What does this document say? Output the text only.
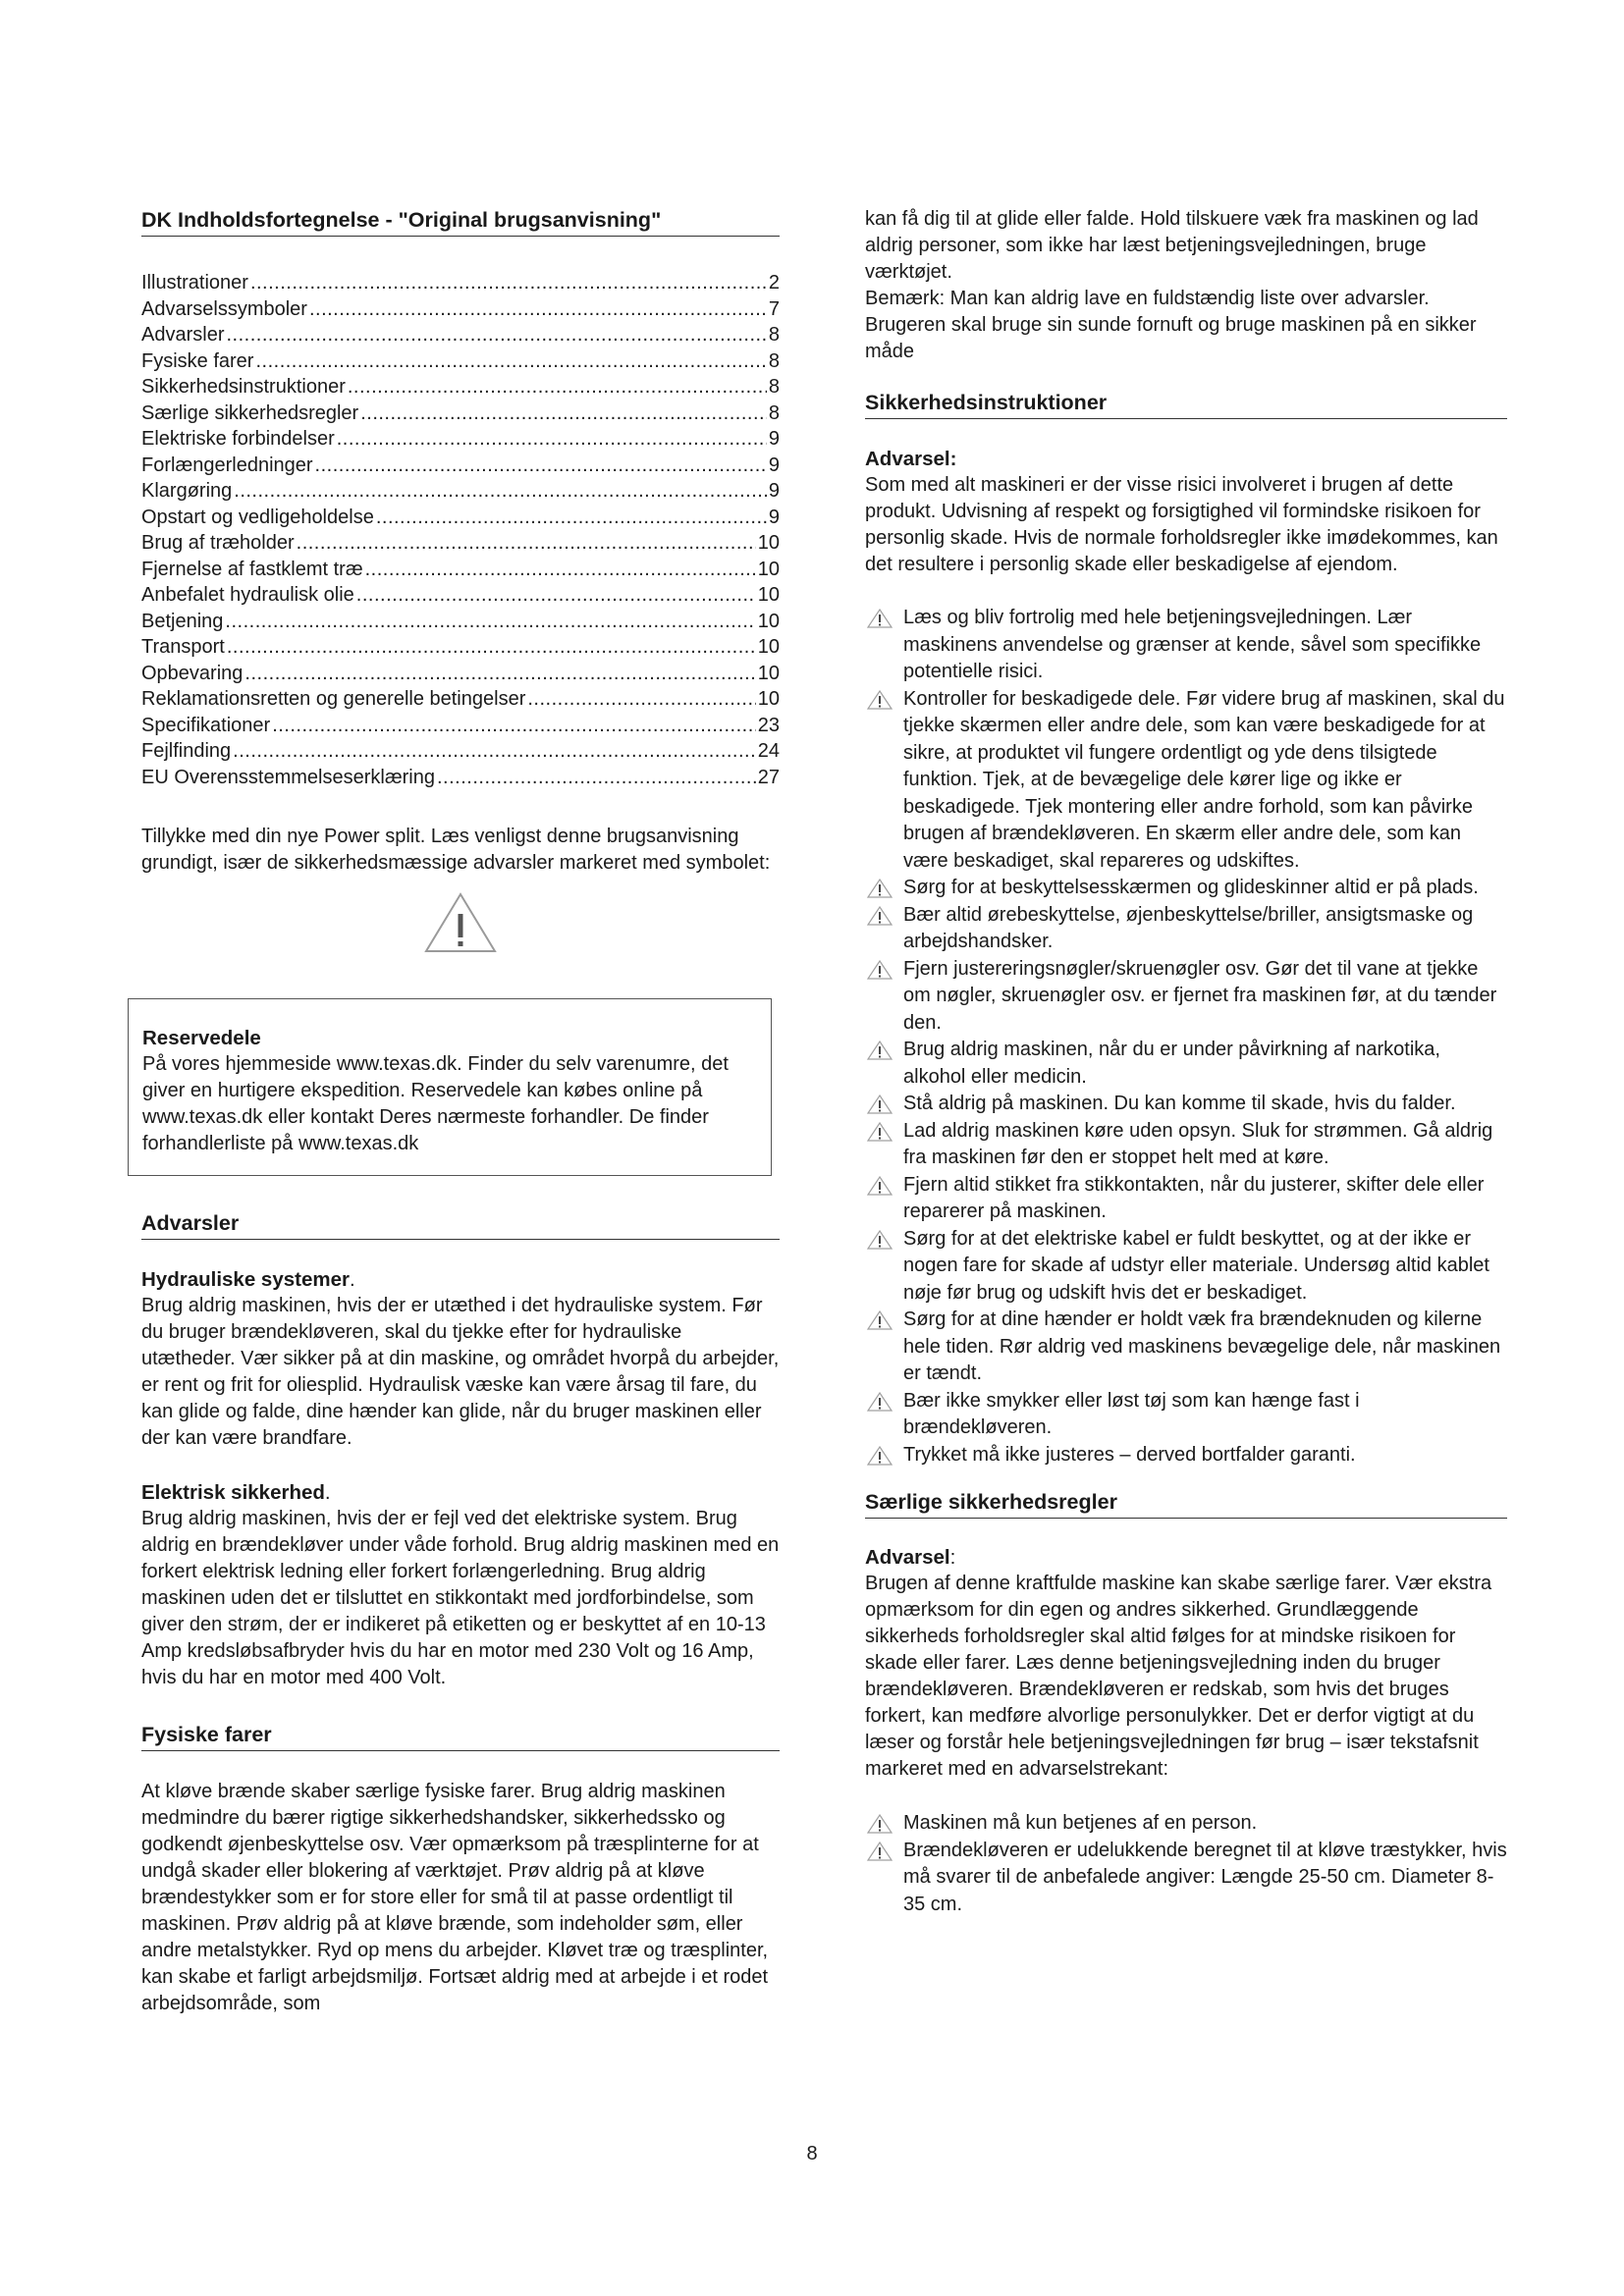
DK Indholdsfortegnelse - "Original brugsanvisning"
Illustrationer .....	2
Advarselssymboler .....	7
Advarsler .....	8
Fysiske farer .....	8
Sikkerhedsinstruktioner .....	8
Særlige sikkerhedsregler .....	8
Elektriske forbindelser .....	9
Forlængerledninger .....	9
Klargøring .....	9
Opstart og vedligeholdelse .....	9
Brug af træholder .....	10
Fjernelse af fastklemt træ .....	10
Anbefalet hydraulisk olie .....	10
Betjening .....	10
Transport .....	10
Opbevaring .....	10
Reklamationsretten og generelle betingelser .....	10
Specifikationer .....	23
Fejlfinding .....	24
EU Overensstemmelseserklæring .....	27
Tillykke med din nye Power split. Læs venligst denne brugsanvisning grundigt, især de sikkerhedsmæssige advarsler markeret med symbolet:
Reservedele
På vores hjemmeside www.texas.dk. Finder du selv varenumre, det giver en hurtigere ekspedition. Reservedele kan købes online på www.texas.dk eller kontakt Deres nærmeste forhandler. De finder forhandlerliste på www.texas.dk
Advarsler
Hydrauliske systemer.
Brug aldrig maskinen, hvis der er utæthed i det hydrauliske system. Før du bruger brændekløveren, skal du tjekke efter for hydrauliske utætheder. Vær sikker på at din maskine, og området hvorpå du arbejder, er rent og frit for oliesplid. Hydraulisk væske kan være årsag til fare, du kan glide og falde, dine hænder kan glide, når du bruger maskinen eller der kan være brandfare.
Elektrisk sikkerhed.
Brug aldrig maskinen, hvis der er fejl ved det elektriske system. Brug aldrig en brændekløver under våde forhold. Brug aldrig maskinen med en forkert elektrisk ledning eller forkert forlængerledning. Brug aldrig maskinen uden det er tilsluttet en stikkontakt med jordforbindelse, som giver den strøm, der er indikeret på etiketten og er beskyttet af en 10-13 Amp kredsløbsafbryder hvis du har en motor med 230 Volt og 16 Amp, hvis du har en motor med 400 Volt.
Fysiske farer
At kløve brænde skaber særlige fysiske farer. Brug aldrig maskinen medmindre du bærer rigtige sikkerhedshandsker, sikkerhedssko og godkendt øjenbeskyttelse osv. Vær opmærksom på træsplinterne for at undgå skader eller blokering af værktøjet. Prøv aldrig på at kløve brændestykker som er for store eller for små til at passe ordentligt til maskinen. Prøv aldrig på at kløve brænde, som indeholder søm, eller andre metalstykker. Ryd op mens du arbejder. Kløvet træ og træsplinter, kan skabe et farligt arbejdsmiljø. Fortsæt aldrig med at arbejde i et rodet arbejdsområde, som
kan få dig til at glide eller falde. Hold tilskuere væk fra maskinen og lad aldrig personer, som ikke har læst betjeningsvejledningen, bruge værktøjet.
Bemærk: Man kan aldrig lave en fuldstændig liste over advarsler. Brugeren skal bruge sin sunde fornuft og bruge maskinen på en sikker måde
Sikkerhedsinstruktioner
Advarsel:
Som med alt maskineri er der visse risici involveret i brugen af dette produkt. Udvisning af respekt og forsigtighed vil formindske risikoen for personlig skade. Hvis de normale forholdsregler ikke imødekommes, kan det resultere i personlig skade eller beskadigelse af ejendom.
Læs og bliv fortrolig med hele betjeningsvejledningen. Lær maskinens anvendelse og grænser at kende, såvel som specifikke potentielle risici.
Kontroller for beskadigede dele. Før videre brug af maskinen, skal du tjekke skærmen eller andre dele, som kan være beskadigede for at sikre, at produktet vil fungere ordentligt og yde dens tilsigtede funktion. Tjek, at de bevægelige dele kører lige og ikke er beskadigede. Tjek montering eller andre forhold, som kan påvirke brugen af brændekløveren. En skærm eller andre dele, som kan være beskadiget, skal repareres og udskiftes.
Sørg for at beskyttelsesskærmen og glideskinner altid er på plads.
Bær altid ørebeskyttelse, øjenbeskyttelse/briller, ansigtsmaske og arbejdshandsker.
Fjern justereringsnøgler/skruenøgler osv. Gør det til vane at tjekke om nøgler, skruenøgler osv. er fjernet fra maskinen før, at du tænder den.
Brug aldrig maskinen, når du er under påvirkning af narkotika, alkohol eller medicin.
Stå aldrig på maskinen. Du kan komme til skade, hvis du falder.
Lad aldrig maskinen køre uden opsyn. Sluk for strømmen. Gå aldrig fra maskinen før den er stoppet helt med at køre.
Fjern altid stikket fra stikkontakten, når du justerer, skifter dele eller reparerer på maskinen.
Sørg for at det elektriske kabel er fuldt beskyttet, og at der ikke er nogen fare for skade af udstyr eller materiale. Undersøg altid kablet nøje før brug og udskift hvis det er beskadiget.
Sørg for at dine hænder er holdt væk fra brændeknuden og kilerne hele tiden. Rør aldrig ved maskinens bevægelige dele, når maskinen er tændt.
Bær ikke smykker eller løst tøj som kan hænge fast i brændekløveren.
Trykket må ikke justeres – derved bortfalder garanti.
Særlige sikkerhedsregler
Advarsel:
Brugen af denne kraftfulde maskine kan skabe særlige farer. Vær ekstra opmærksom for din egen og andres sikkerhed. Grundlæggende sikkerheds forholdsregler skal altid følges for at mindske risikoen for skade eller farer. Læs denne betjeningsvejledning inden du bruger brændekløveren. Brændekløveren er redskab, som hvis det bruges forkert, kan medføre alvorlige personulykker. Det er derfor vigtigt at du læser og forstår hele betjeningsvejledningen før brug – især tekstafsnit markeret med en advarselstrekant:
Maskinen må kun betjenes af en person.
Brændekløveren er udelukkende beregnet til at kløve træstykker, hvis må svarer til de anbefalede angiver: Længde 25-50 cm. Diameter 8-35 cm.
8
